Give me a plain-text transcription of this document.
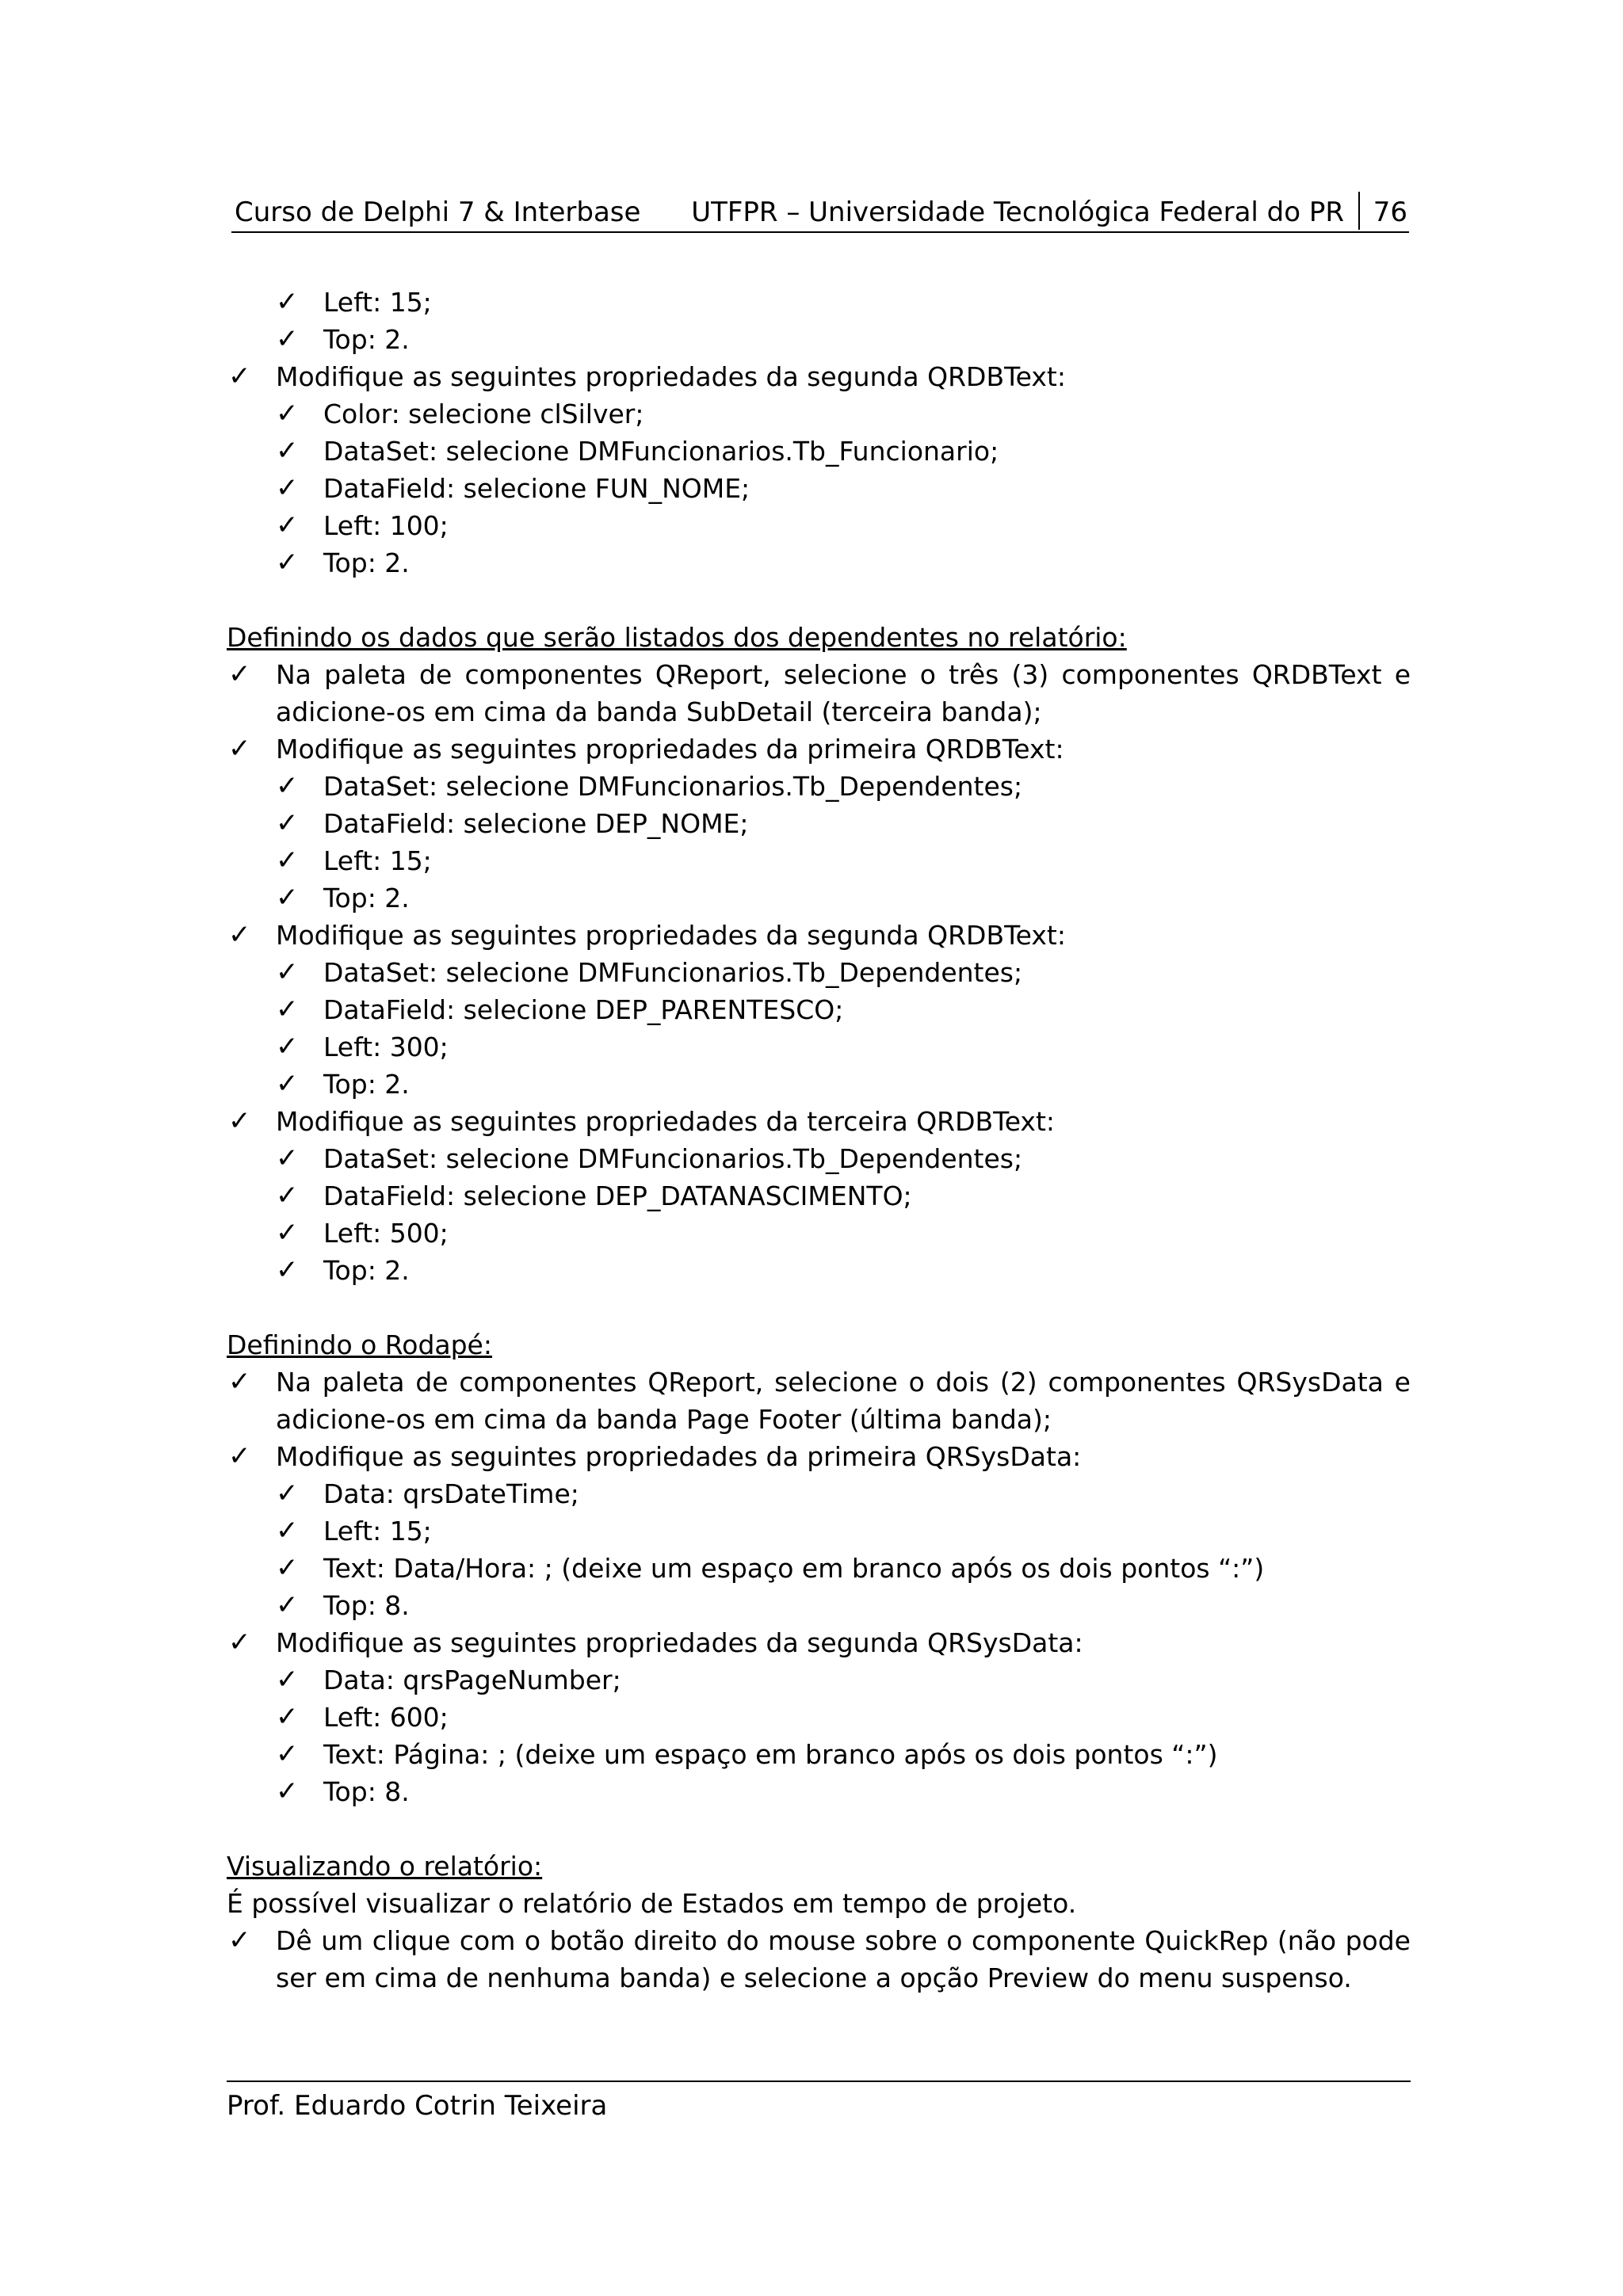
Curso de Delphi 7 & Interbase UTFPR – Universidade Tecnológica Federal do PR 76
✓ Left: 15;
✓ Top: 2.
✓ Modifique as seguintes propriedades da segunda QRDBText:
✓ Color: selecione clSilver;
✓ DataSet: selecione DMFuncionarios.Tb_Funcionario;
✓ DataField: selecione FUN_NOME;
✓ Left: 100;
✓ Top: 2.
Definindo os dados que serão listados dos dependentes no relatório:
✓ Na paleta de componentes QReport, selecione o três (3) componentes QRDBText e adicione-os em cima da banda SubDetail (terceira banda);
✓ Modifique as seguintes propriedades da primeira QRDBText:
✓ DataSet: selecione DMFuncionarios.Tb_Dependentes;
✓ DataField: selecione DEP_NOME;
✓ Left: 15;
✓ Top: 2.
✓ Modifique as seguintes propriedades da segunda QRDBText:
✓ DataSet: selecione DMFuncionarios.Tb_Dependentes;
✓ DataField: selecione DEP_PARENTESCO;
✓ Left: 300;
✓ Top: 2.
✓ Modifique as seguintes propriedades da terceira QRDBText:
✓ DataSet: selecione DMFuncionarios.Tb_Dependentes;
✓ DataField: selecione DEP_DATANASCIMENTO;
✓ Left: 500;
✓ Top: 2.
Definindo o Rodapé:
✓ Na paleta de componentes QReport, selecione o dois (2) componentes QRSysData e adicione-os em cima da banda Page Footer (última banda);
✓ Modifique as seguintes propriedades da primeira QRSysData:
✓ Data: qrsDateTime;
✓ Left: 15;
✓ Text: Data/Hora: ; (deixe um espaço em branco após os dois pontos “:”)
✓ Top: 8.
✓ Modifique as seguintes propriedades da segunda QRSysData:
✓ Data: qrsPageNumber;
✓ Left: 600;
✓ Text: Página: ; (deixe um espaço em branco após os dois pontos “:”)
✓ Top: 8.
Visualizando o relatório:
É possível visualizar o relatório de Estados em tempo de projeto.
✓ Dê um clique com o botão direito do mouse sobre o componente QuickRep (não pode ser em cima de nenhuma banda) e selecione a opção Preview do menu suspenso.
Prof. Eduardo Cotrin Teixeira
